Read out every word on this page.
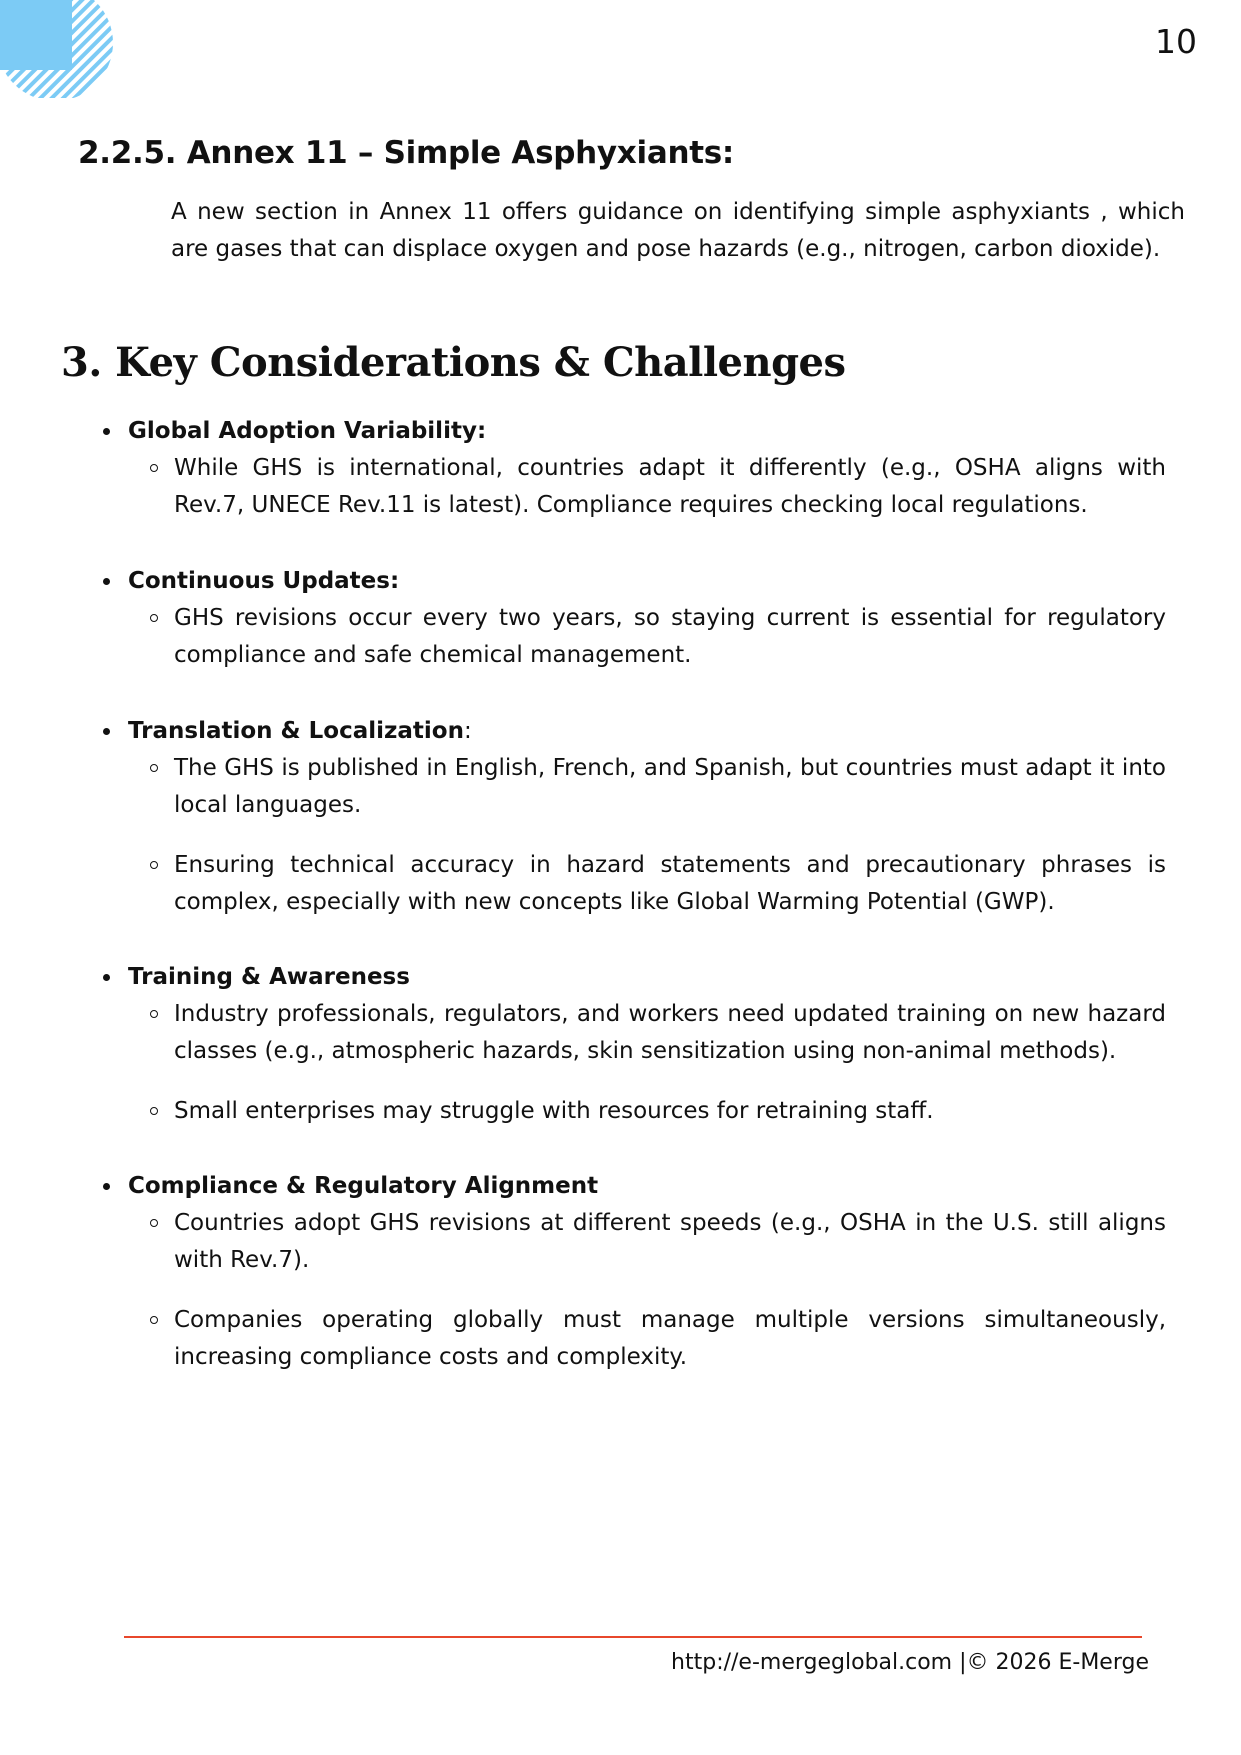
10
2.2.5. Annex 11 – Simple Asphyxiants:

A new section in Annex 11 offers guidance on identifying simple asphyxiants , which are gases that can displace oxygen and pose hazards (e.g., nitrogen, carbon dioxide).

3. Key Considerations & Challenges
Global Adoption Variability:
While GHS is international, countries adapt it differently (e.g., OSHA aligns with Rev.7, UNECE Rev.11 is latest). Compliance requires checking local regulations.
Continuous Updates:
GHS revisions occur every two years, so staying current is essential for regulatory compliance and safe chemical management.
Translation & Localization:
The GHS is published in English, French, and Spanish, but countries must adapt it into local languages.
Ensuring technical accuracy in hazard statements and precautionary phrases is complex, especially with new concepts like Global Warming Potential (GWP).
Training & Awareness
Industry professionals, regulators, and workers need updated training on new hazard classes (e.g., atmospheric hazards, skin sensitization using non-animal methods).
Small enterprises may struggle with resources for retraining staff.
Compliance & Regulatory Alignment
Countries adopt GHS revisions at different speeds (e.g., OSHA in the U.S. still aligns with Rev.7).
Companies operating globally must manage multiple versions simultaneously, increasing compliance costs and complexity.
http://e-mergeglobal.com |© 2026 E-Merge
